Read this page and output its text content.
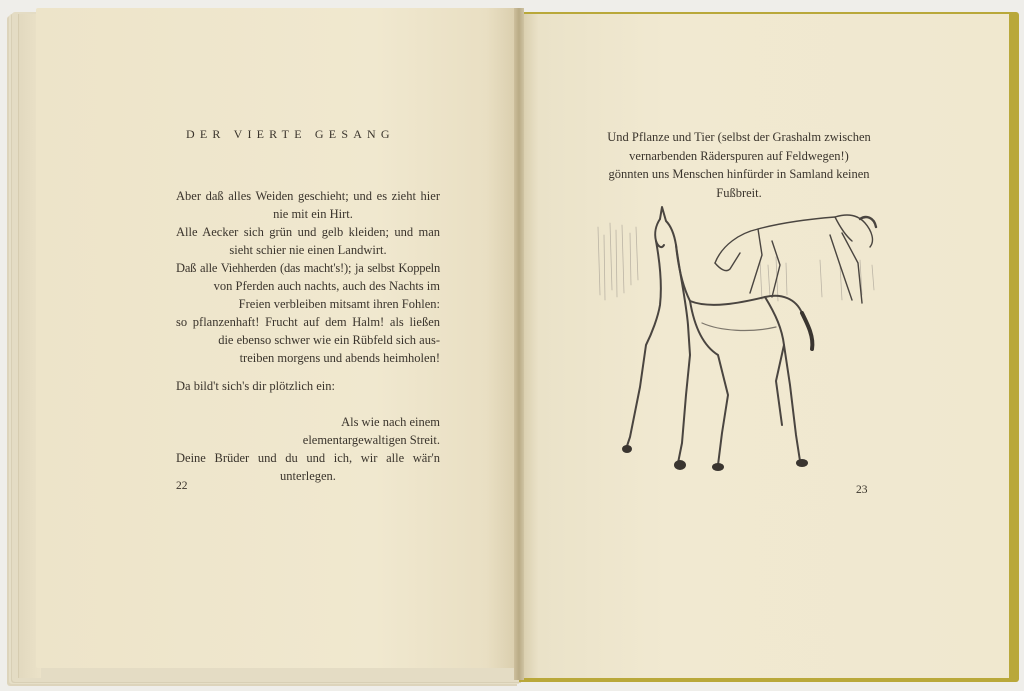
DER VIERTE GESANG
Aber daß alles Weiden geschieht; und es zieht hier
nie mit ein Hirt.
Alle Aecker sich grün und gelb kleiden; und man
sieht schier nie einen Landwirt.
Daß alle Viehherden (das macht's!); ja selbst Koppeln
von Pferden auch nachts, auch des Nachts im
Freien verbleiben mitsamt ihren Fohlen:
so pflanzenhaft! Frucht auf dem Halm! als ließen
die ebenso schwer wie ein Rübfeld sich aus-
treiben morgens und abends heimholen!
Da bild't sich's dir plötzlich ein:
Als wie nach einem
elementargewaltigen Streit.
Deine Brüder und du und ich, wir alle wär'n
unterlegen.
22
Und Pflanze und Tier (selbst der Grashalm zwischen
vernarbenden Räderspuren auf Feldwegen!)
gönnten uns Menschen hinfürder in Samland keinen
Fußbreit.
23
